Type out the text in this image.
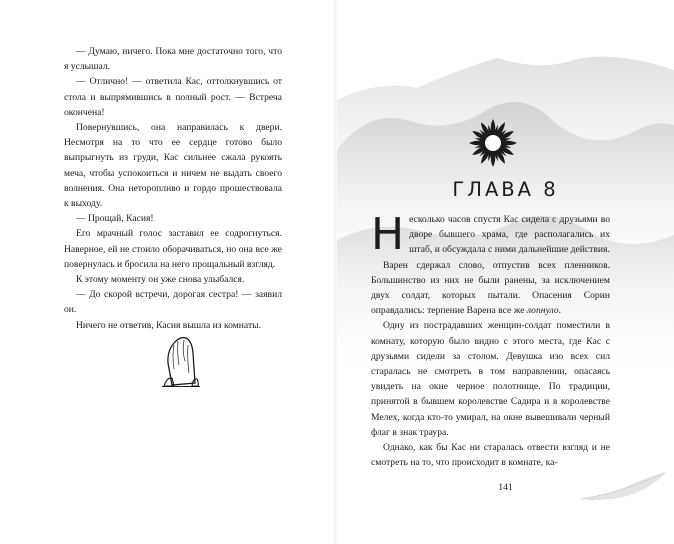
— Думаю, ничего. Пока мне достаточно того, что я услышал.

— Отлично! — ответила Кас, оттолкнувшись от стола и выпрямившись в полный рост. — Встреча окончена!

Повернувшись, она направилась к двери. Несмотря на то что ее сердце готово было выпрыгнуть из груди, Кас сильнее сжала рукоять меча, чтобы успокоиться и ничем не выдать своего волнения. Она неторопливо и гордо прошествовала к выходу.

— Прощай, Касия!

Его мрачный голос заставил ее содрогнуться. Наверное, ей не стоило оборачиваться, но она все же повернулась и бросила на него прощальный взгляд.

К этому моменту он уже снова улыбался.

— До скорой встречи, дорогая сестра! — заявил он.

Ничего не ответив, Касия вышла из комнаты.

ГЛАВА 8
Н есколько часов спустя Кас сидела с друзьями во дворе бывшего храма, где располагались их штаб, и обсуждала с ними дальнейшие действия.

Варен сдержал слово, отпустив всех пленников. Большинство из них не были ранены, за исключением двух солдат, которых пытали. Опасения Сорин оправдались: терпение Варена все же лопнуло.

Одну из пострадавших женщин-солдат поместили в комнату, которую было видно с этого места, где Кас с друзьями сидели за столом. Девушка изо всех сил старалась не смотреть в том направлении, опасаясь увидеть на окне черное полотнище. По традиции, принятой в бывшем королевстве Садира и в королевстве Мелех, когда кто-то умирал, на окне вывешивали черный флаг в знак траура.

Однако, как бы Кас ни старалась отвести взгляд и не смотреть на то, что происходит в комнате, ка-

141
